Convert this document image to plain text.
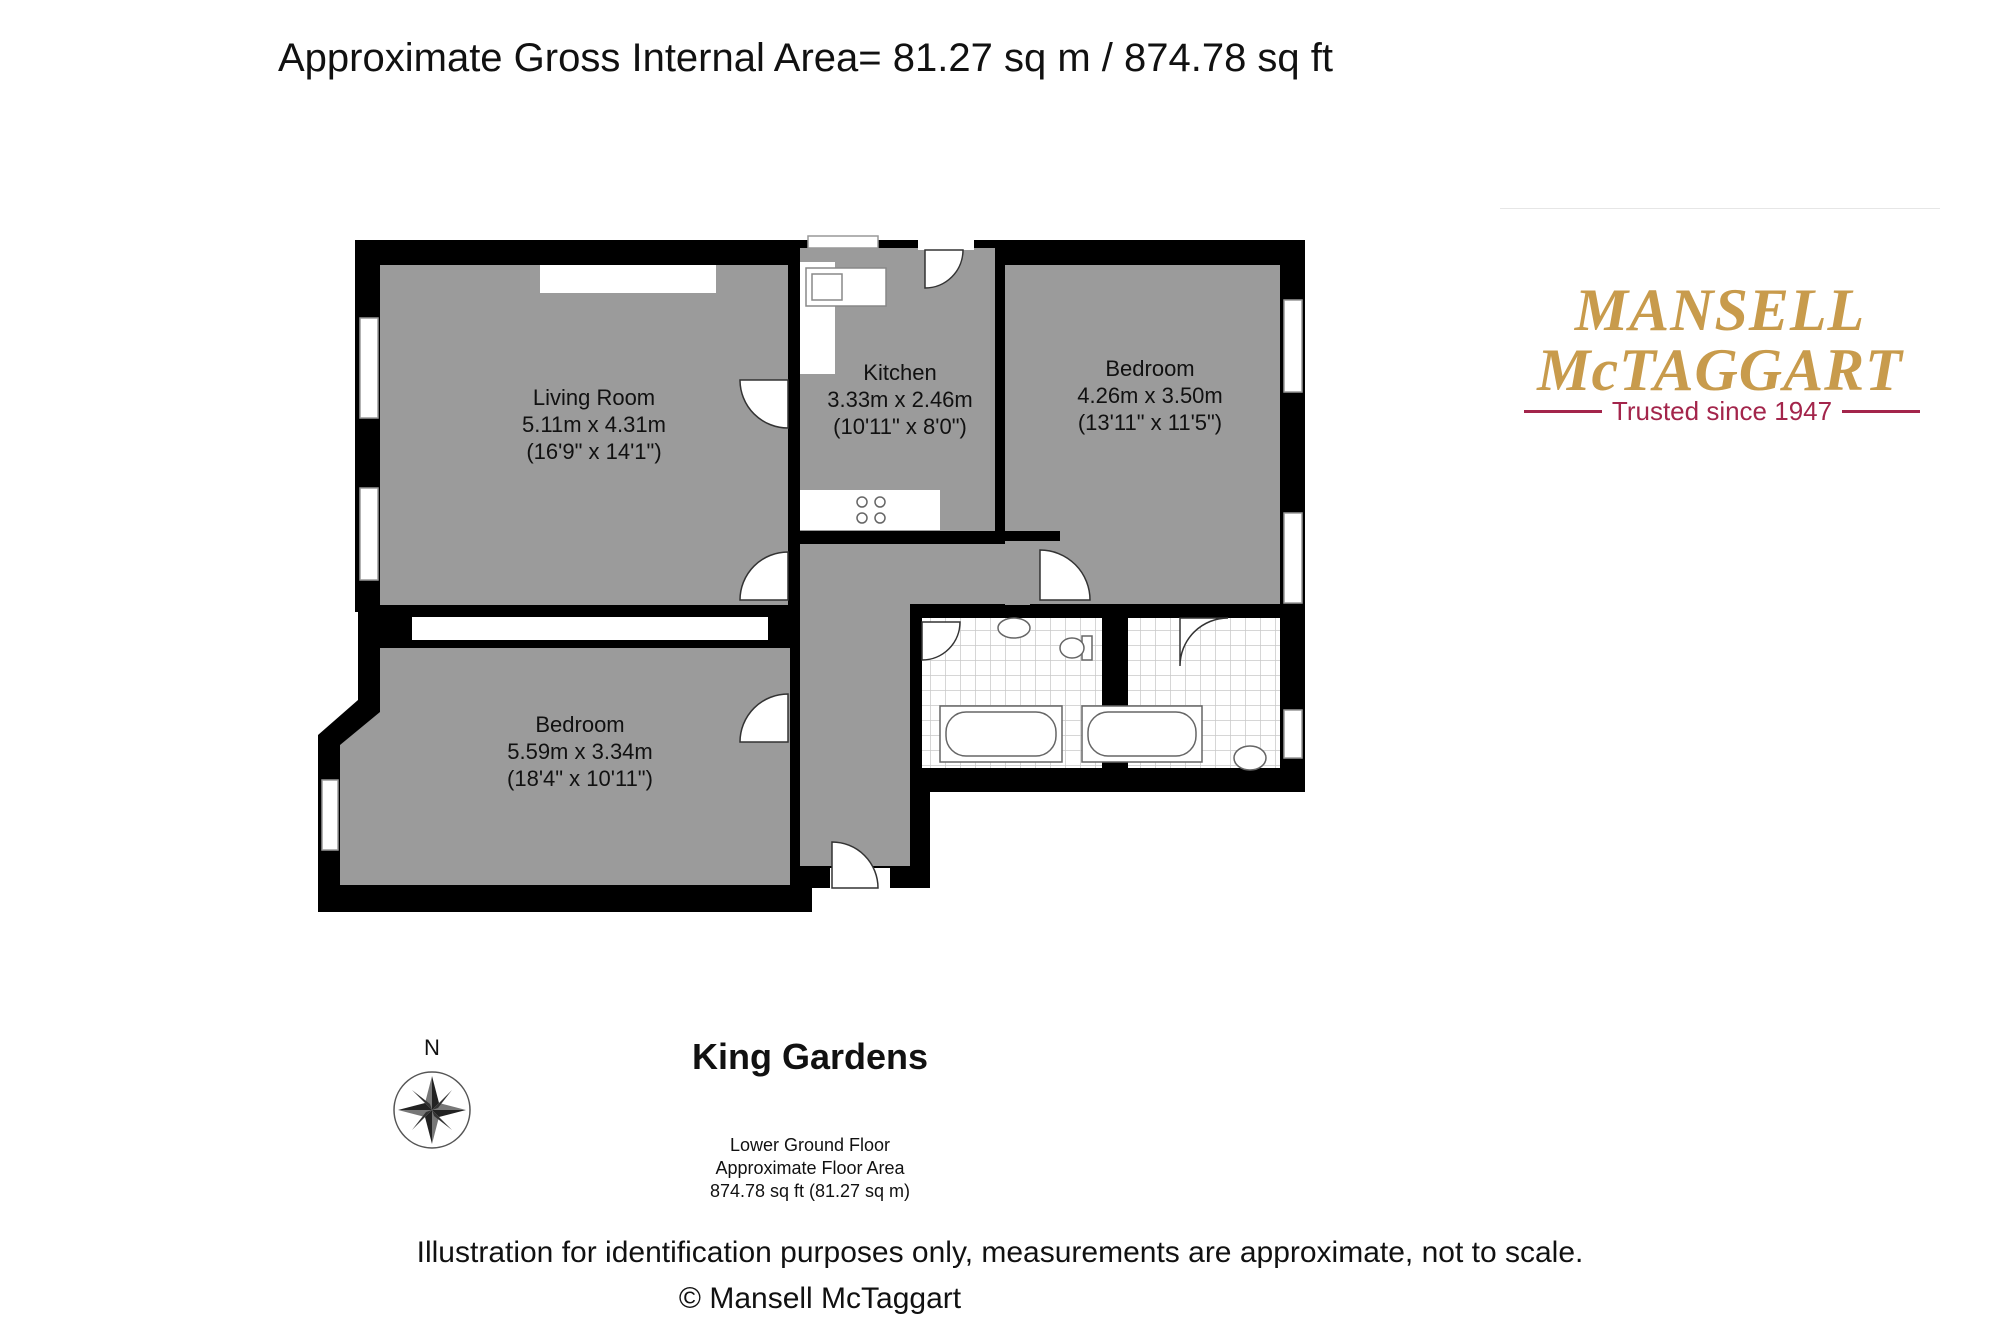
Approximate Gross Internal Area= 81.27 sq m / 874.78 sq ft
Living Room
5.11m x 4.31m
(16'9" x 14'1")
Kitchen
3.33m x 2.46m
(10'11" x 8'0")
Bedroom
4.26m x 3.50m
(13'11" x 11'5")
Bedroom
5.59m x 3.34m
(18'4" x 10'11")
MANSELL
McTAGGART
Trusted since 1947
N	King Gardens
Lower Ground Floor
Approximate Floor Area
874.78 sq ft (81.27 sq m)
Illustration for identification purposes only, measurements are approximate, not to scale.
© Mansell McTaggart
